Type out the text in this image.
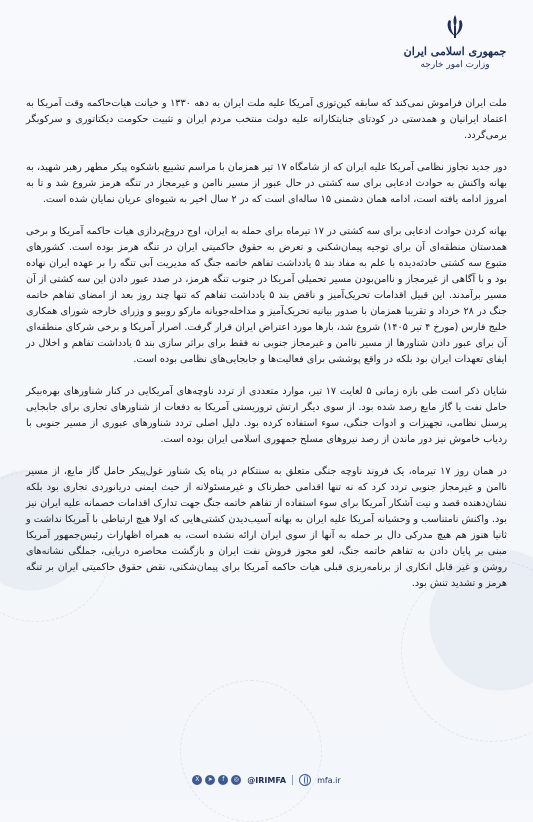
جمهوری اسلامی ایران
وزارت امور خارجه

ملت ایران فراموش نمی‌کند که سابقه کین‌توزی آمریکا علیه ملت ایران به دهه ۱۳۳۰ و خیانت هیات‌حاکمه وقت آمریکا به اعتماد ایرانیان و همدستی در کودتای جنایتکارانه علیه دولت منتخب مردم ایران و تثبیت حکومت دیکتاتوری و سرکوبگر برمی‌گردد.

دور جدید تجاوز نظامی آمریکا علیه ایران که از شامگاه ۱۷ تیر همزمان با مراسم تشییع باشکوه پیکر مطهر رهبر شهید، به بهانه واکنش به حوادث ادعایی برای سه کشتی در حال عبور از مسیر ناامن و غیرمجاز در تنگه هرمز شروع شد و تا به امروز ادامه یافته است، ادامه همان دشمنی ۱۵ ساله‌ای است که در ۲ سال اخیر به شیوه‌ای عریان نمایان شده است.

بهانه کردن حوادث ادعایی برای سه کشتی در ۱۷ تیرماه برای حمله به ایران، اوج دروغ‌پردازی هیات حاکمه آمریکا و برخی همدستان منطقه‌ای آن برای توجیه پیمان‌شکنی و تعرض به حقوق حاکمیتی ایران در تنگه هرمز بوده است. کشورهای متبوع سه کشتی حادثه‌دیده با علم به مفاد بند ۵ یادداشت تفاهم خاتمه جنگ که مدیریت آبی تنگه را بر عهده ایران نهاده بود و با آگاهی از غیرمجاز و ناامن‌بودن مسیر تحمیلی آمریکا در جنوب تنگه هرمز، در صدد عبور دادن این سه کشتی از آن مسیر برآمدند. این قبیل اقدامات تحریک‌آمیز و ناقض بند ۵ یادداشت تفاهم که تنها چند روز بعد از امضای تفاهم خاتمه جنگ در ۲۸ خرداد و تقریبا همزمان با صدور بیانیه تحریک‌آمیز و مداخله‌جویانه مارکو روبیو و وزرای خارجه شورای همکاری خلیج فارس (مورخ ۴ تیر ۱۴۰۵) شروع شد، بارها مورد اعتراض ایران قرار گرفت. اصرار آمریکا و برخی شرکای منطقه‌ای آن برای عبور دادن شناورها از مسیر ناامن و غیرمجاز جنوبی نه فقط برای براثر سازی بند ۵ یادداشت تفاهم و اخلال در ایفای تعهدات ایران بود بلکه در واقع پوششی برای فعالیت‌ها و جابجایی‌های نظامی بوده است.

شایان ذکر است طی بازه زمانی ۵ لغایت ۱۷ تیر، موارد متعددی از تردد ناوچه‌های آمریکایی در کنار شناورهای بهره‌بیکر حامل نفت یا گاز مایع رصد شده بود. از سوی دیگر ارتش تروریستی آمریکا به دفعات از شناورهای تجاری برای جابجایی پرسنل نظامی، تجهیزات و ادوات جنگی، سوء استفاده کرده بود. دلیل اصلی تردد شناورهای عبوری از مسیر جنوبی با ردیاب خاموش نیز دور ماندن از رصد نیروهای مسلح جمهوری اسلامی ایران بوده است.

در همان روز ۱۷ تیرماه، یک فروند ناوچه جنگی متعلق به سنتکام در پناه یک شناور غول‌پیکر حامل گاز مایع، از مسیر ناامن و غیرمجاز جنوبی تردد کرد که نه تنها اقدامی خطرناک و غیرمسئولانه از حیث ایمنی دریانوردی تجاری بود بلکه نشان‌دهنده قصد و نیت آشکار آمریکا برای سوء استفاده از تفاهم خاتمه جنگ جهت تدارک اقدامات خصمانه علیه ایران نیز بود. واکنش نامتناسب و وحشیانه آمریکا علیه ایران به بهانه آسیب‌دیدن کشتی‌هایی که اولا هیچ ارتباطی با آمریکا نداشت و ثانیا هنوز هم هیچ مدرکی دال بر حمله به آنها از سوی ایران ارائه نشده است، به همراه اظهارات رئیس‌جمهور آمریکا مبنی بر پایان دادن به تفاهم خاتمه جنگ، لغو مجوز فروش نفت ایران و بازگشت محاصره دریایی، جملگی نشانه‌های روشن و غیر قابل انکاری از برنامه‌ریزی قبلی هیات حاکمه آمریکا برای پیمان‌شکنی، نقض حقوق حاکمیتی ایران بر تنگه هرمز و تشدید تنش بود.

X	➤	f	◎ @IRIMFA	mfa.ir
